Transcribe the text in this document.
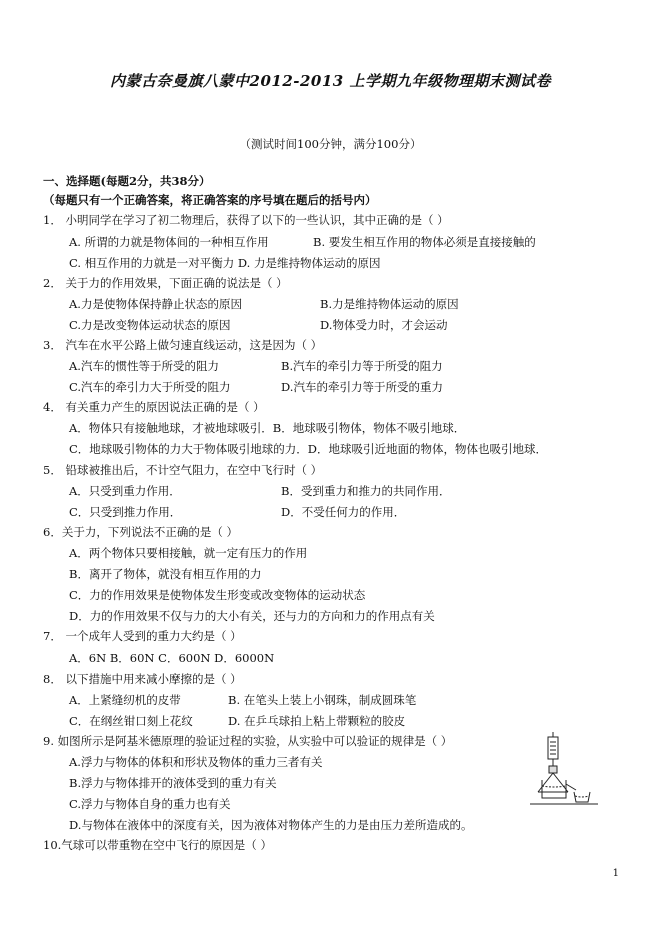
内蒙古奈曼旗八蒙中2012-2013 上学期九年级物理期末测试卷
（测试时间100分钟，满分100分）
一、选择题(每题2分，共38分）
（每题只有一个正确答案，将正确答案的序号填在题后的括号内）
1． 小明同学在学习了初二物理后，获得了以下的一些认识，其中正确的是（ ）
A. 所谓的力就是物体间的一种相互作用	B. 要发生相互作用的物体必须是直接接触的
C. 相互作用的力就是一对平衡力 D. 力是维持物体运动的原因
2． 关于力的作用效果，下面正确的说法是（ ）
A.力是使物体保持静止状态的原因	B.力是维持物体运动的原因
C.力是改变物体运动状态的原因	D.物体受力时，才会运动
3． 汽车在水平公路上做匀速直线运动，这是因为（ ）
A.汽车的惯性等于所受的阻力	B.汽车的牵引力等于所受的阻力
C.汽车的牵引力大于所受的阻力	D.汽车的牵引力等于所受的重力
4． 有关重力产生的原因说法正确的是（ ）
A．物体只有接触地球，才被地球吸引．B．地球吸引物体，物体不吸引地球．
C．地球吸引物体的力大于物体吸引地球的力．D．地球吸引近地面的物体，物体也吸引地球．
5． 铅球被推出后，不计空气阻力，在空中飞行时（ ）
A．只受到重力作用．	B．受到重力和推力的共同作用．
C．只受到推力作用．	D．不受任何力的作用．
6．关于力，下列说法不正确的是（ ）
A．两个物体只要相接触，就一定有压力的作用
B．离开了物体，就没有相互作用的力
C．力的作用效果是使物体发生形变或改变物体的运动状态
D．力的作用效果不仅与力的大小有关，还与力的方向和力的作用点有关
7． 一个成年人受到的重力大约是（ ）
A．6N B．60N C．600N D．6000N
8． 以下措施中用来减小摩擦的是（ ）
A．上紧缝纫机的皮带	B. 在笔头上装上小钢珠，制成圆珠笔
C．在纲丝钳口刻上花纹	D. 在乒乓球拍上粘上带颗粒的胶皮
9. 如图所示是阿基米德原理的验证过程的实验，从实验中可以验证的规律是（ ）
A.浮力与物体的体积和形状及物体的重力三者有关
B.浮力与物体排开的液体受到的重力有关
C.浮力与物体自身的重力也有关
D.与物体在液体中的深度有关，因为液体对物体产生的力是由压力差所造成的。
10.气球可以带重物在空中飞行的原因是（ ）
1
